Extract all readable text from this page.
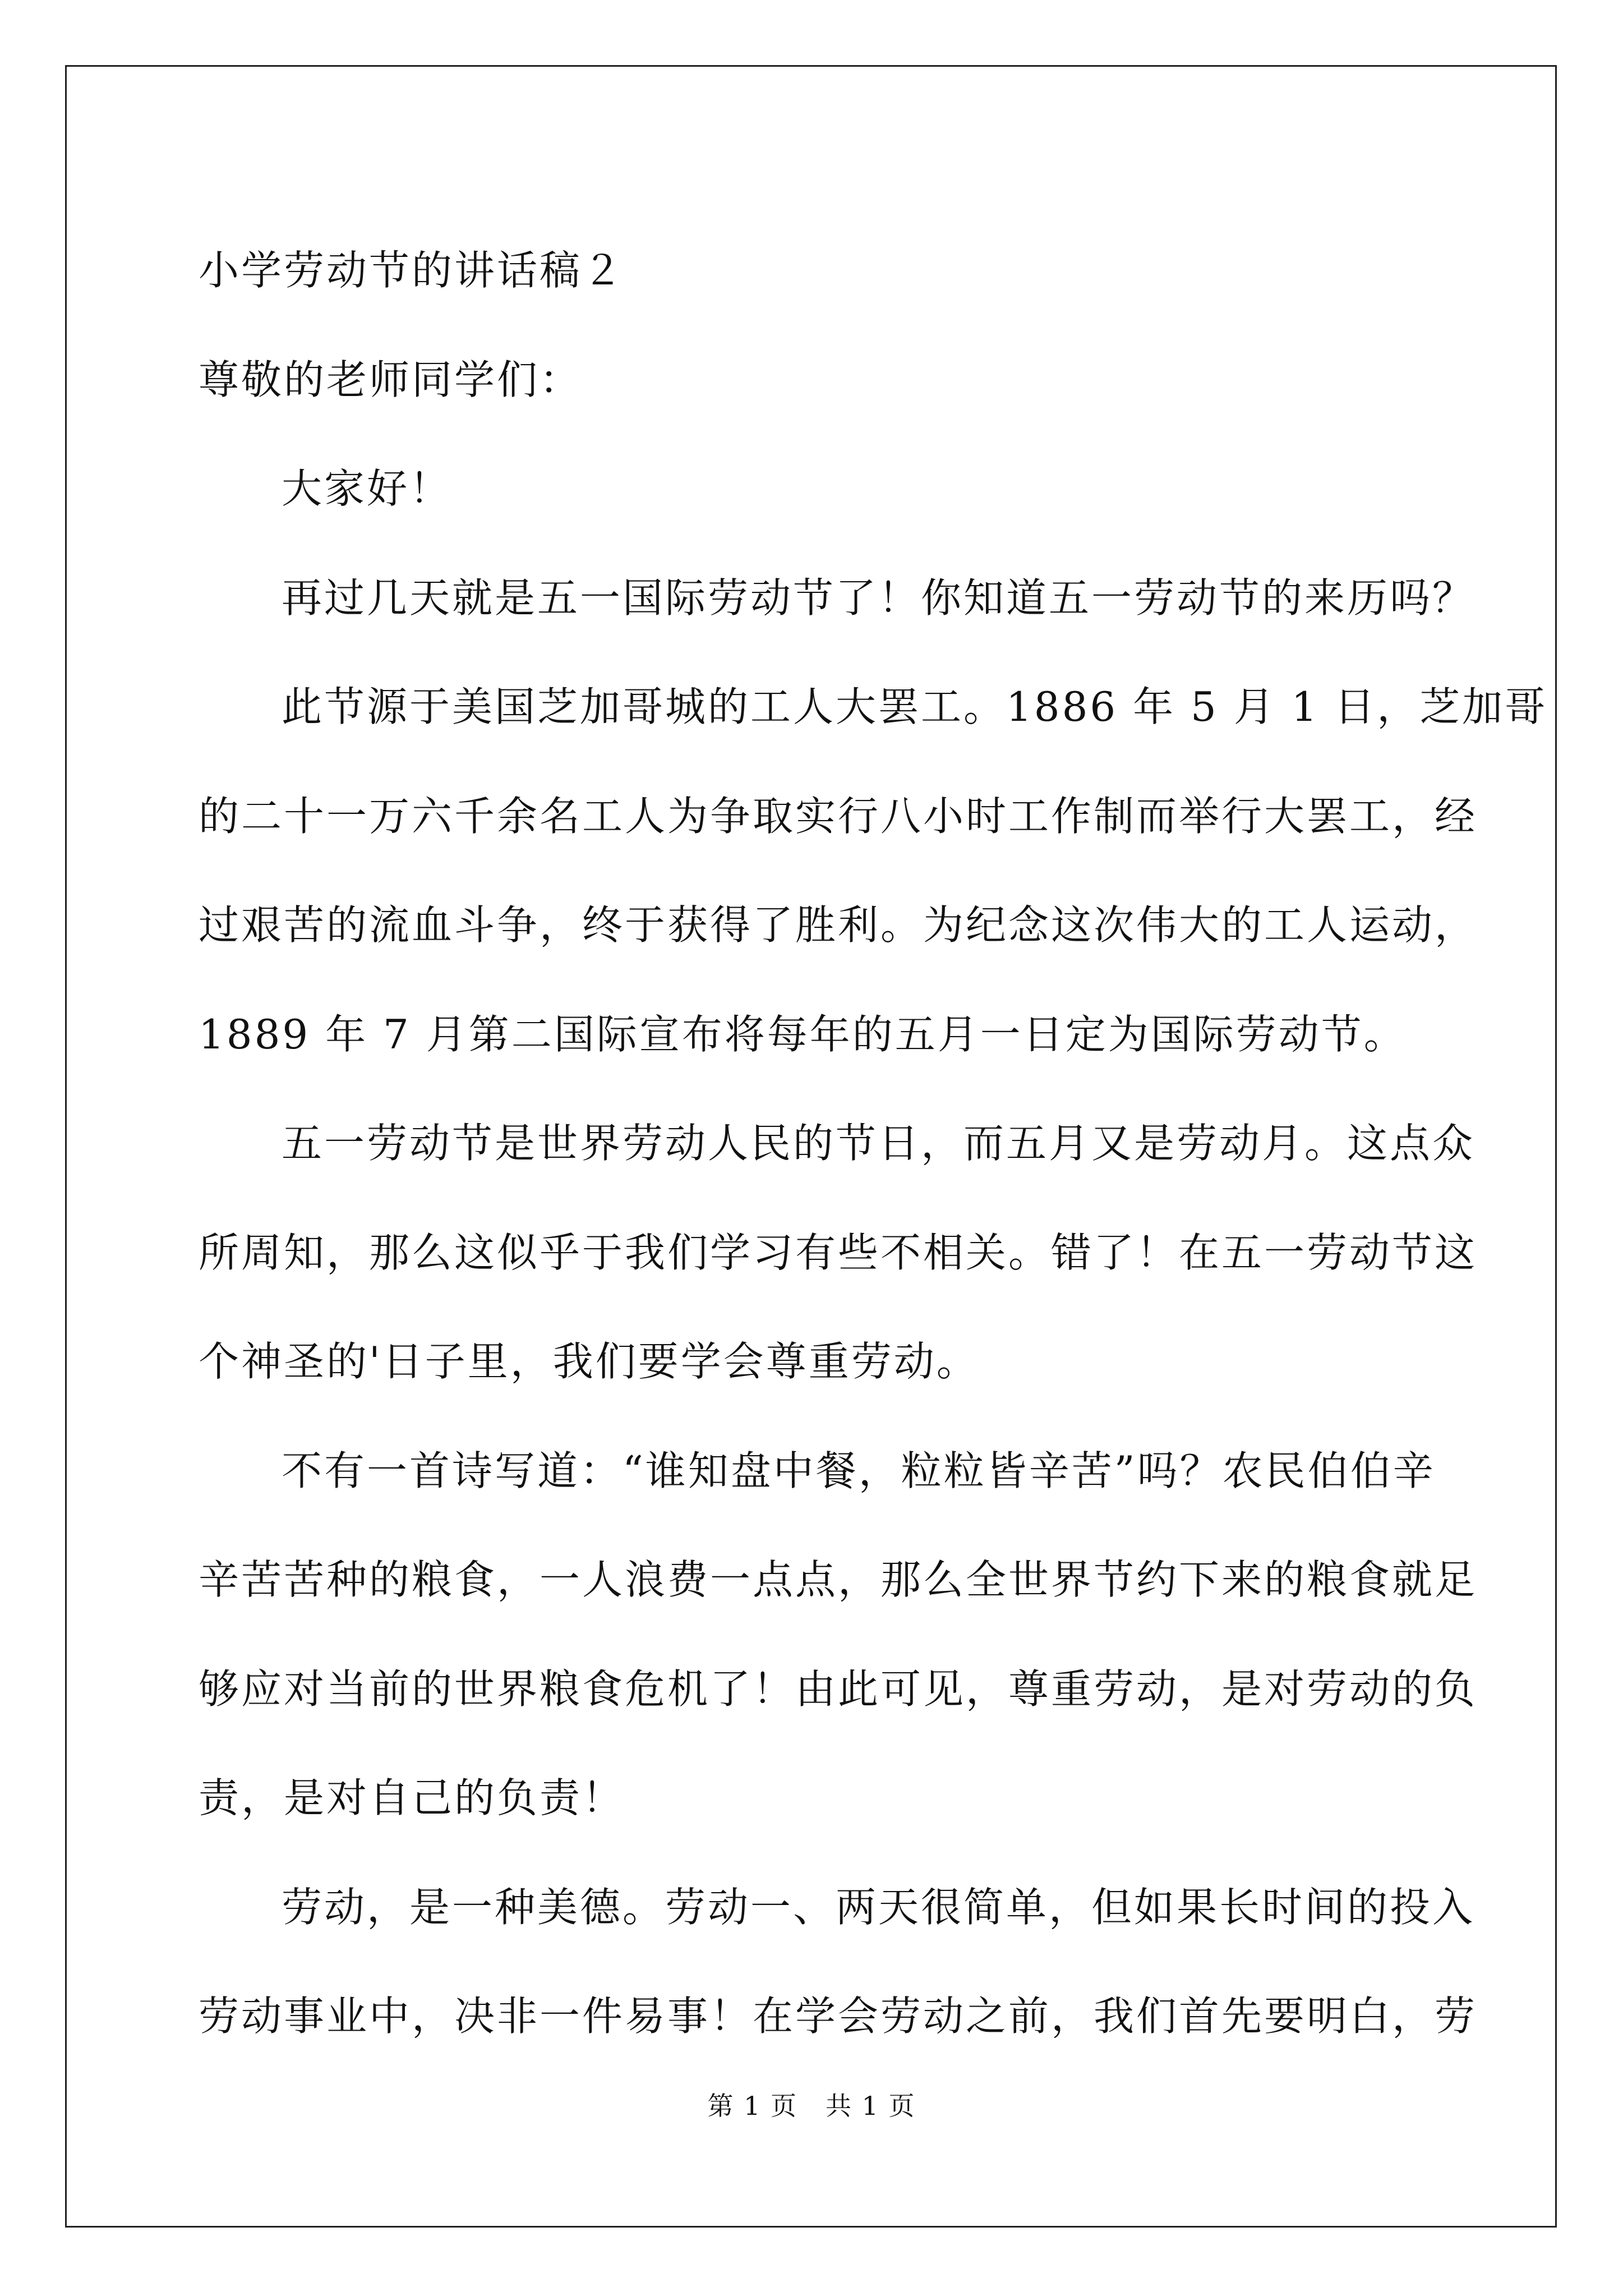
小学劳动节的讲话稿２
尊敬的老师同学们：
大家好！
再过几天就是五一国际劳动节了！你知道五一劳动节的来历吗？
此节源于美国芝加哥城的工人大罢工。1886 年 5 月 1 日，芝加哥
的二十一万六千余名工人为争取实行八小时工作制而举行大罢工，经
过艰苦的流血斗争，终于获得了胜利。为纪念这次伟大的工人运动，
1889 年 7 月第二国际宣布将每年的五月一日定为国际劳动节。
五一劳动节是世界劳动人民的节日，而五月又是劳动月。这点众
所周知，那么这似乎于我们学习有些不相关。错了！在五一劳动节这
个神圣的'日子里，我们要学会尊重劳动。
不有一首诗写道：“谁知盘中餐，粒粒皆辛苦”吗？农民伯伯辛
辛苦苦种的粮食，一人浪费一点点，那么全世界节约下来的粮食就足
够应对当前的世界粮食危机了！由此可见，尊重劳动，是对劳动的负
责，是对自己的负责！
劳动，是一种美德。劳动一、两天很简单，但如果长时间的投入
劳动事业中，决非一件易事！在学会劳动之前，我们首先要明白，劳
第 1 页 共 1 页
